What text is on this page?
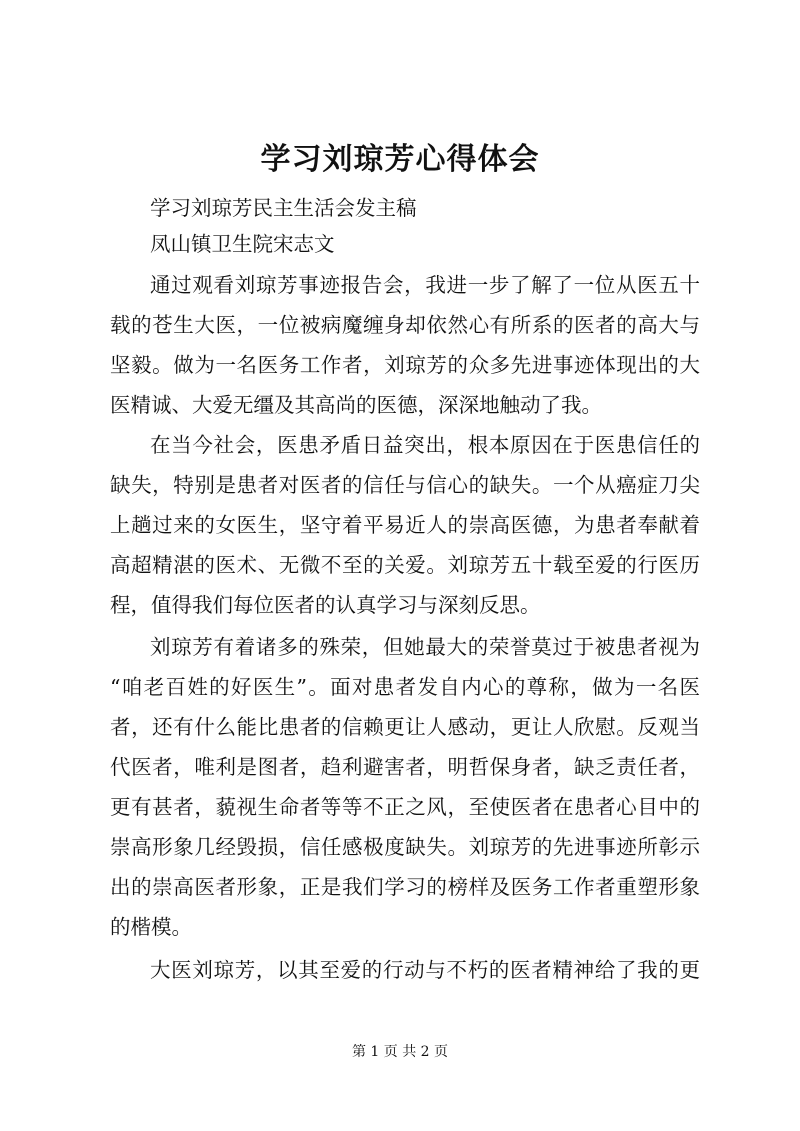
学习刘琼芳心得体会
学习刘琼芳民主生活会发主稿
凤山镇卫生院宋志文
通过观看刘琼芳事迹报告会，我进一步了解了一位从医五十
载的苍生大医，一位被病魔缠身却依然心有所系的医者的高大与
坚毅。做为一名医务工作者，刘琼芳的众多先进事迹体现出的大
医精诚、大爱无缰及其高尚的医德，深深地触动了我。
在当今社会，医患矛盾日益突出，根本原因在于医患信任的
缺失，特别是患者对医者的信任与信心的缺失。一个从癌症刀尖
上趟过来的女医生，坚守着平易近人的崇高医德，为患者奉献着
高超精湛的医术、无微不至的关爱。刘琼芳五十载至爱的行医历
程，值得我们每位医者的认真学习与深刻反思。
刘琼芳有着诸多的殊荣，但她最大的荣誉莫过于被患者视为
“咱老百姓的好医生”。面对患者发自内心的尊称，做为一名医
者，还有什么能比患者的信赖更让人感动，更让人欣慰。反观当
代医者，唯利是图者，趋利避害者，明哲保身者，缺乏责任者，
更有甚者，藐视生命者等等不正之风，至使医者在患者心目中的
崇高形象几经毁损，信任感极度缺失。刘琼芳的先进事迹所彰示
出的崇高医者形象，正是我们学习的榜样及医务工作者重塑形象
的楷模。
大医刘琼芳，以其至爱的行动与不朽的医者精神给了我的更
第 1 页 共 2 页
